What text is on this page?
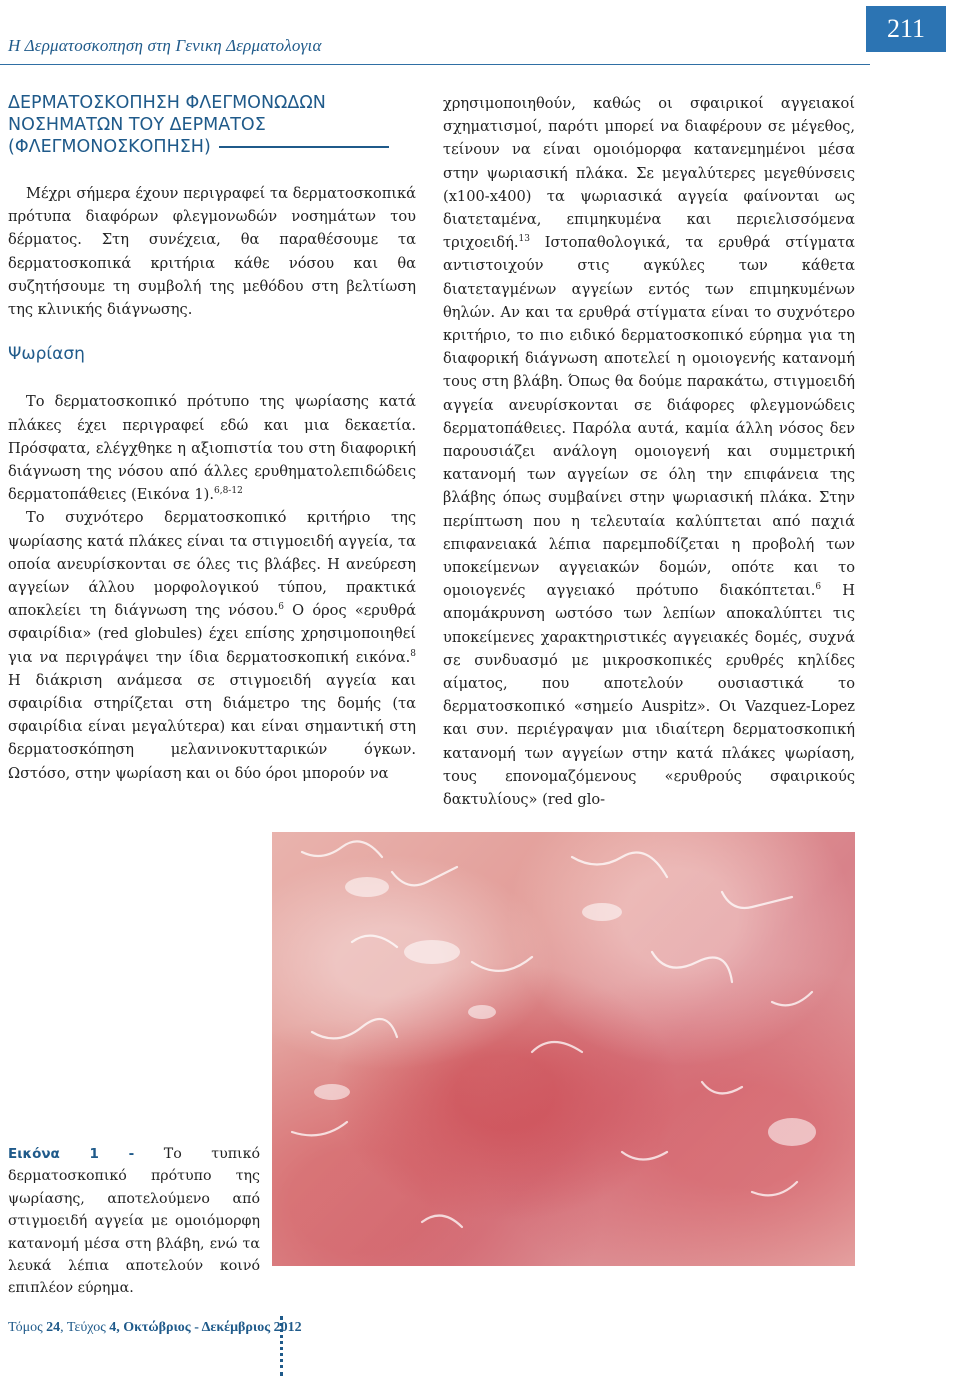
211
Η Δερματοσκοπηση στη Γενικη Δερματολογια
ΔΕΡΜΑΤΟΣΚΟΠΗΣΗ ΦΛΕΓΜΟΝΩΔΩΝ
ΝΟΣΗΜΑΤΩΝ ΤΟΥ ΔΕΡΜΑΤΟΣ
(ΦΛΕΓΜΟΝΟΣΚΟΠΗΣΗ)

Μέχρι σήμερα έχουν περιγραφεί τα δερματοσκοπικά πρότυπα διαφόρων φλεγμονωδών νοσημάτων του δέρματος. Στη συνέχεια, θα παραθέσουμε τα δερματοσκοπικά κριτήρια κάθε νόσου και θα συζητήσουμε τη συμβολή της μεθόδου στη βελτίωση της κλινικής διάγνωσης.

Ψωρίαση

Το δερματοσκοπικό πρότυπο της ψωρίασης κατά πλάκες έχει περιγραφεί εδώ και μια δεκαετία. Πρόσφατα, ελέγχθηκε η αξιοπιστία του στη διαφορική διάγνωση της νόσου από άλλες ερυθηματολεπιδώδεις δερματοπάθειες (Εικόνα 1).$^{6,8-12}$

Το συχνότερο δερματοσκοπικό κριτήριο της ψωρίασης κατά πλάκες είναι τα στιγμοειδή αγγεία, τα οποία ανευρίσκονται σε όλες τις βλάβες. Η ανεύρεση αγγείων άλλου μορφολογικού τύπου, πρακτικά αποκλείει τη διάγνωση της νόσου.$^6$ Ο όρος «ερυθρά σφαιρίδια» (red globules) έχει επίσης χρησιμοποιηθεί για να περιγράψει την ίδια δερματοσκοπική εικόνα.$^8$ Η διάκριση ανάμεσα σε στιγμοειδή αγγεία και σφαιρίδια στηρίζεται στη διάμετρο της δομής (τα σφαιρίδια είναι μεγαλύτερα) και είναι σημαντική στη δερματοσκόπηση μελανινοκυτταρικών όγκων. Ωστόσο, στην ψωρίαση και οι δύο όροι μπορούν να

χρησιμοποιηθούν, καθώς οι σφαιρικοί αγγειακοί σχηματισμοί, παρότι μπορεί να διαφέρουν σε μέγεθος, τείνουν να είναι ομοιόμορφα κατανεμημένοι μέσα στην ψωριασική πλάκα. Σε μεγαλύτερες μεγεθύνσεις (x100-x400) τα ψωριασικά αγγεία φαίνονται ως διατεταμένα, επιμηκυμένα και περιελισσόμενα τριχοειδή.$^{13}$ Ιστοπαθολογικά, τα ερυθρά στίγματα αντιστοιχούν στις αγκύλες των κάθετα διατεταγμένων αγγείων εντός των επιμηκυμένων θηλών. Αν και τα ερυθρά στίγματα είναι το συχνότερο κριτήριο, το πιο ειδικό δερματοσκοπικό εύρημα για τη διαφορική διάγνωση αποτελεί η ομοιογενής κατανομή τους στη βλάβη. Όπως θα δούμε παρακάτω, στιγμοειδή αγγεία ανευρίσκονται σε διάφορες φλεγμονώδεις δερματοπάθειες. Παρόλα αυτά, καμία άλλη νόσος δεν παρουσιάζει ανάλογη ομοιογενή και συμμετρική κατανομή των αγγείων σε όλη την επιφάνεια της βλάβης όπως συμβαίνει στην ψωριασική πλάκα. Στην περίπτωση που η τελευταία καλύπτεται από παχιά επιφανειακά λέπια παρεμποδίζεται η προβολή των υποκείμενων αγγειακών δομών, οπότε και το ομοιογενές αγγειακό πρότυπο διακόπτεται.$^6$ Η απομάκρυνση ωστόσο των λεπίων αποκαλύπτει τις υποκείμενες χαρακτηριστικές αγγειακές δομές, συχνά σε συνδυασμό με μικροσκοπικές ερυθρές κηλίδες αίματος, που αποτελούν ουσιαστικά το δερματοσκοπικό «σημείο Auspitz». Οι Vazquez-Lopez και συν. περιέγραψαν μια ιδιαίτερη δερματοσκοπική κατανομή των αγγείων στην κατά πλάκες ψωρίαση, τους επονομαζόμενους «ερυθρούς σφαιρικούς δακτυλίους» (red glo-

Εικόνα 1 - Το τυπικό δερματοσκοπικό πρότυπο της ψωρίασης, αποτελούμενο από στιγμοειδή αγγεία με ομοιόμορφη κατανομή μέσα στη βλάβη, ενώ τα λευκά λέπια αποτελούν κοινό επιπλέον εύρημα.
Τόμος 24, Τεύχος 4, Οκτώβριος - Δεκέμβριος 2012
